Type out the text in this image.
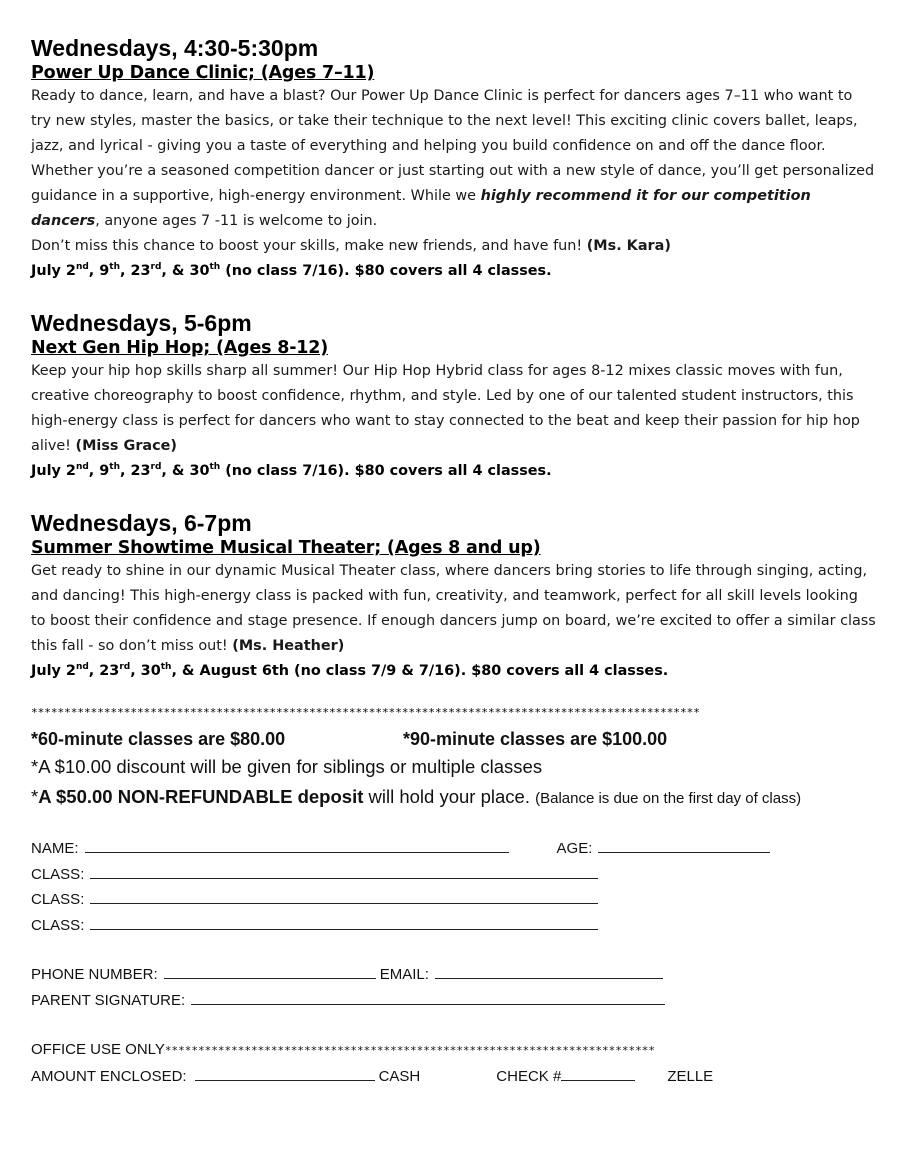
Wednesdays, 4:30-5:30pm
Power Up Dance Clinic; (Ages 7–11)
Ready to dance, learn, and have a blast? Our Power Up Dance Clinic is perfect for dancers ages 7–11 who want to try new styles, master the basics, or take their technique to the next level! This exciting clinic covers ballet, leaps, jazz, and lyrical - giving you a taste of everything and helping you build confidence on and off the dance floor. Whether you’re a seasoned competition dancer or just starting out with a new style of dance, you’ll get personalized guidance in a supportive, high-energy environment. While we highly recommend it for our competition dancers, anyone ages 7 -11 is welcome to join.
Don’t miss this chance to boost your skills, make new friends, and have fun! (Ms. Kara)
July 2nd, 9th, 23rd, & 30th (no class 7/16). $80 covers all 4 classes.
Wednesdays, 5-6pm
Next Gen Hip Hop; (Ages 8-12)
Keep your hip hop skills sharp all summer! Our Hip Hop Hybrid class for ages 8-12 mixes classic moves with fun, creative choreography to boost confidence, rhythm, and style. Led by one of our talented student instructors, this high-energy class is perfect for dancers who want to stay connected to the beat and keep their passion for hip hop alive! (Miss Grace)
July 2nd, 9th, 23rd, & 30th (no class 7/16). $80 covers all 4 classes.
Wednesdays, 6-7pm
Summer Showtime Musical Theater; (Ages 8 and up)
Get ready to shine in our dynamic Musical Theater class, where dancers bring stories to life through singing, acting, and dancing! This high-energy class is packed with fun, creativity, and teamwork, perfect for all skill levels looking to boost their confidence and stage presence. If enough dancers jump on board, we’re excited to offer a similar class this fall - so don’t miss out! (Ms. Heather)
July 2nd, 23rd, 30th, & August 6th (no class 7/9 & 7/16). $80 covers all 4 classes.
*****************************************************************************************************
*60-minute classes are $80.00	*90-minute classes are $100.00
*A $10.00 discount will be given for siblings or multiple classes
*A $50.00 NON-REFUNDABLE deposit will hold your place. (Balance is due on the first day of class)
NAME:	AGE:
CLASS:
CLASS:
CLASS:
PHONE NUMBER:	EMAIL:
PARENT SIGNATURE:
OFFICE USE ONLY **************************************************************************
AMOUNT ENCLOSED:	CASH	CHECK #	ZELLE
